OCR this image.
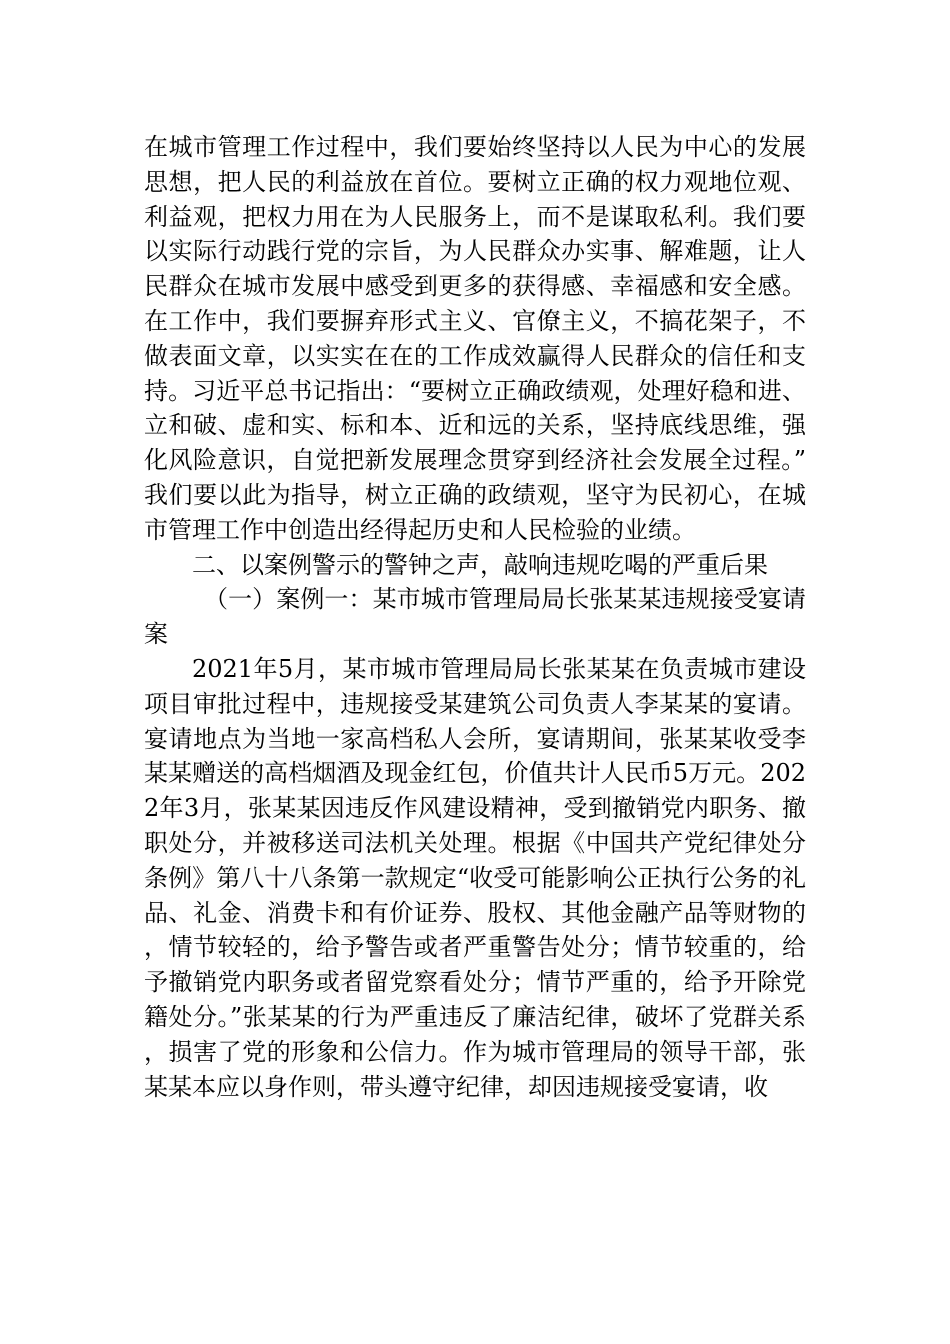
在城市管理工作过程中，我们要始终坚持以人民为中心的发展思想，把人民的利益放在首位。要树立正确的权力观地位观、利益观，把权力用在为人民服务上，而不是谋取私利。我们要以实际行动践行党的宗旨，为人民群众办实事、解难题，让人民群众在城市发展中感受到更多的获得感、幸福感和安全感。在工作中，我们要摒弃形式主义、官僚主义，不搞花架子，不做表面文章，以实实在在的工作成效赢得人民群众的信任和支持。习近平总书记指出：“要树立正确政绩观，处理好稳和进、立和破、虚和实、标和本、近和远的关系，坚持底线思维，强化风险意识，自觉把新发展理念贯穿到经济社会发展全过程。”我们要以此为指导，树立正确的政绩观，坚守为民初心，在城市管理工作中创造出经得起历史和人民检验的业绩。

二、以案例警示的警钟之声，敲响违规吃喝的严重后果

（一）案例一：某市城市管理局局长张某某违规接受宴请案

2021年5月，某市城市管理局局长张某某在负责城市建设项目审批过程中，违规接受某建筑公司负责人李某某的宴请。宴请地点为当地一家高档私人会所，宴请期间，张某某收受李某某赠送的高档烟酒及现金红包，价值共计人民币5万元。2022年3月，张某某因违反作风建设精神，受到撤销党内职务、撤职处分，并被移送司法机关处理。根据《中国共产党纪律处分条例》第八十八条第一款规定“收受可能影响公正执行公务的礼品、礼金、消费卡和有价证券、股权、其他金融产品等财物的，情节较轻的，给予警告或者严重警告处分；情节较重的，给予撤销党内职务或者留党察看处分；情节严重的，给予开除党籍处分。”张某某的行为严重违反了廉洁纪律，破坏了党群关系，损害了党的形象和公信力。作为城市管理局的领导干部，张某某本应以身作则，带头遵守纪律，却因违规接受宴请，收
